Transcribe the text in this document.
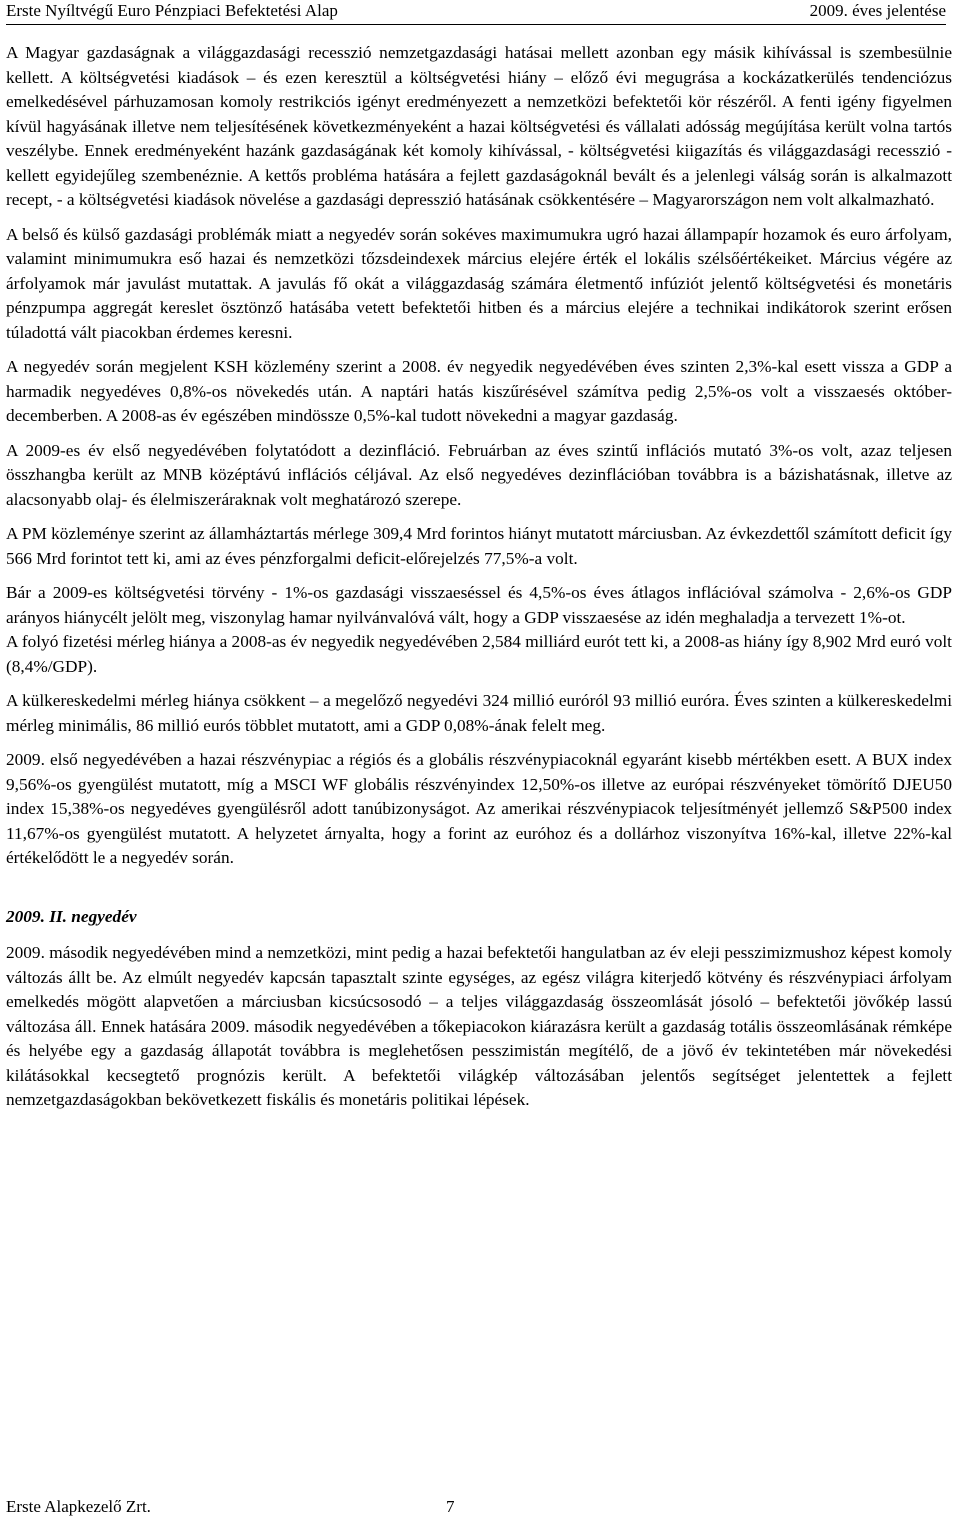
Erste Nyíltvégű Euro Pénzpiaci Befektetési Alap	2009. éves jelentése

A Magyar gazdaságnak a világgazdasági recesszió nemzetgazdasági hatásai mellett azonban egy másik kihívással is szembesülnie kellett. A költségvetési kiadások – és ezen keresztül a költségvetési hiány – előző évi megugrása a kockázatkerülés tendenciózus emelkedésével párhuzamosan komoly restrikciós igényt eredményezett a nemzetközi befektetői kör részéről. A fenti igény figyelmen kívül hagyásának illetve nem teljesítésének következményeként a hazai költségvetési és vállalati adósság megújítása került volna tartós veszélybe. Ennek eredményeként hazánk gazdaságának két komoly kihívással, - költségvetési kiigazítás és világgazdasági recesszió - kellett egyidejűleg szembenéznie. A kettős probléma hatására a fejlett gazdaságoknál bevált és a jelenlegi válság során is alkalmazott recept, - a költségvetési kiadások növelése a gazdasági depresszió hatásának csökkentésére – Magyarországon nem volt alkalmazható.

A belső és külső gazdasági problémák miatt a negyedév során sokéves maximumukra ugró hazai állampapír hozamok és euro árfolyam, valamint minimumukra eső hazai és nemzetközi tőzsdeindexek március elejére érték el lokális szélsőértékeiket. Március végére az árfolyamok már javulást mutattak. A javulás fő okát a világgazdaság számára életmentő infúziót jelentő költségvetési és monetáris pénzpumpa aggregát kereslet ösztönző hatásába vetett befektetői hitben és a március elejére a technikai indikátorok szerint erősen túladottá vált piacokban érdemes keresni.

A negyedév során megjelent KSH közlemény szerint a 2008. év negyedik negyedévében éves szinten 2,3%-kal esett vissza a GDP a harmadik negyedéves 0,8%-os növekedés után. A naptári hatás kiszűrésével számítva pedig 2,5%-os volt a visszaesés október-decemberben. A 2008-as év egészében mindössze 0,5%-kal tudott növekedni a magyar gazdaság.

A 2009-es év első negyedévében folytatódott a dezinfláció. Februárban az éves szintű inflációs mutató 3%-os volt, azaz teljesen összhangba került az MNB középtávú inflációs céljával. Az első negyedéves dezinflációban továbbra is a bázishatásnak, illetve az alacsonyabb olaj- és élelmiszeráraknak volt meghatározó szerepe.

A PM közleménye szerint az államháztartás mérlege 309,4 Mrd forintos hiányt mutatott márciusban. Az évkezdettől számított deficit így 566 Mrd forintot tett ki, ami az éves pénzforgalmi deficit-előrejelzés 77,5%-a volt.

Bár a 2009-es költségvetési törvény - 1%-os gazdasági visszaeséssel és 4,5%-os éves átlagos inflációval számolva - 2,6%-os GDP arányos hiánycélt jelölt meg, viszonylag hamar nyilvánvalóvá vált, hogy a GDP visszaesése az idén meghaladja a tervezett 1%-ot.

A folyó fizetési mérleg hiánya a 2008-as év negyedik negyedévében 2,584 milliárd eurót tett ki, a 2008-as hiány így 8,902 Mrd euró volt (8,4%/GDP).

A külkereskedelmi mérleg hiánya csökkent – a megelőző negyedévi 324 millió euróról 93 millió euróra. Éves szinten a külkereskedelmi mérleg minimális, 86 millió eurós többlet mutatott, ami a GDP 0,08%-ának felelt meg.

2009. első negyedévében a hazai részvénypiac a régiós és a globális részvénypiacoknál egyaránt kisebb mértékben esett. A BUX index 9,56%-os gyengülést mutatott, míg a MSCI WF globális részvényindex 12,50%-os illetve az európai részvényeket tömörítő DJEU50 index 15,38%-os negyedéves gyengülésről adott tanúbizonyságot. Az amerikai részvénypiacok teljesítményét jellemző S&P500 index 11,67%-os gyengülést mutatott. A helyzetet árnyalta, hogy a forint az euróhoz és a dollárhoz viszonyítva 16%-kal, illetve 22%-kal értékelődött le a negyedév során.

2009. II. negyedév

2009. második negyedévében mind a nemzetközi, mint pedig a hazai befektetői hangulatban az év eleji pesszimizmushoz képest komoly változás állt be. Az elmúlt negyedév kapcsán tapasztalt szinte egységes, az egész világra kiterjedő kötvény és részvénypiaci árfolyam emelkedés mögött alapvetően a márciusban kicsúcsosodó – a teljes világgazdaság összeomlását jósoló – befektetői jövőkép lassú változása áll. Ennek hatására 2009. második negyedévében a tőkepiacokon kiárazásra került a gazdaság totális összeomlásának rémképe és helyébe egy a gazdaság állapotát továbbra is meglehetősen pesszimistán megítélő, de a jövő év tekintetében már növekedési kilátásokkal kecsegtető prognózis került. A befektetői világkép változásában jelentős segítséget jelentettek a fejlett nemzetgazdaságokban bekövetkezett fiskális és monetáris politikai lépések.

Erste Alapkezelő Zrt.	7
